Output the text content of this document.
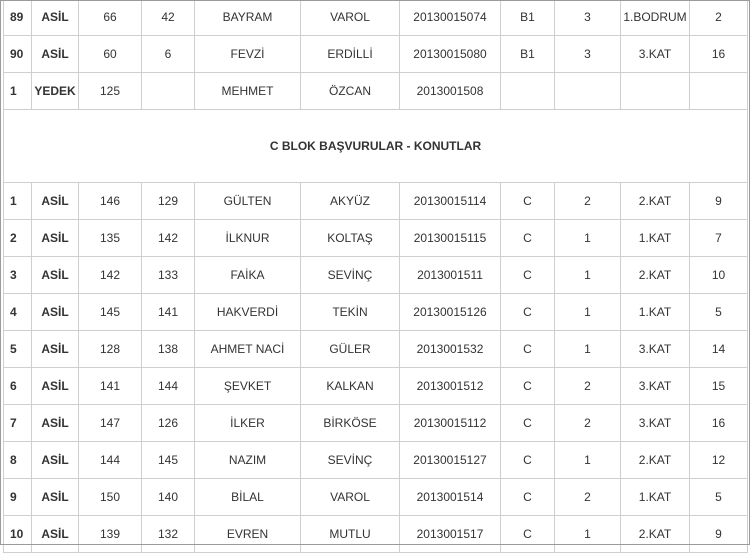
89	ASİL	66	42	BAYRAM	VAROL	20130015074	B1	3	1.BODRUM	2
90	ASİL	60	6	FEVZİ	ERDİLLİ	20130015080	B1	3	3.KAT	16
1	YEDEK	125		MEHMET	ÖZCAN	2013001508				
C BLOK BAŞVURULAR - KONUTLAR										
1	ASİL	146	129	GÜLTEN	AKYÜZ	20130015114	C	2	2.KAT	9
2	ASİL	135	142	İLKNUR	KOLTAŞ	20130015115	C	1	1.KAT	7
3	ASİL	142	133	FAİKA	SEVİNÇ	2013001511	C	1	2.KAT	10
4	ASİL	145	141	HAKVERDİ	TEKİN	20130015126	C	1	1.KAT	5
5	ASİL	128	138	AHMET NACİ	GÜLER	2013001532	C	1	3.KAT	14
6	ASİL	141	144	ŞEVKET	KALKAN	2013001512	C	2	3.KAT	15
7	ASİL	147	126	İLKER	BİRKÖSE	20130015112	C	2	3.KAT	16
8	ASİL	144	145	NAZIM	SEVİNÇ	20130015127	C	1	2.KAT	12
9	ASİL	150	140	BİLAL	VAROL	2013001514	C	2	1.KAT	5
10	ASİL	139	132	EVREN	MUTLU	2013001517	C	1	2.KAT	9
